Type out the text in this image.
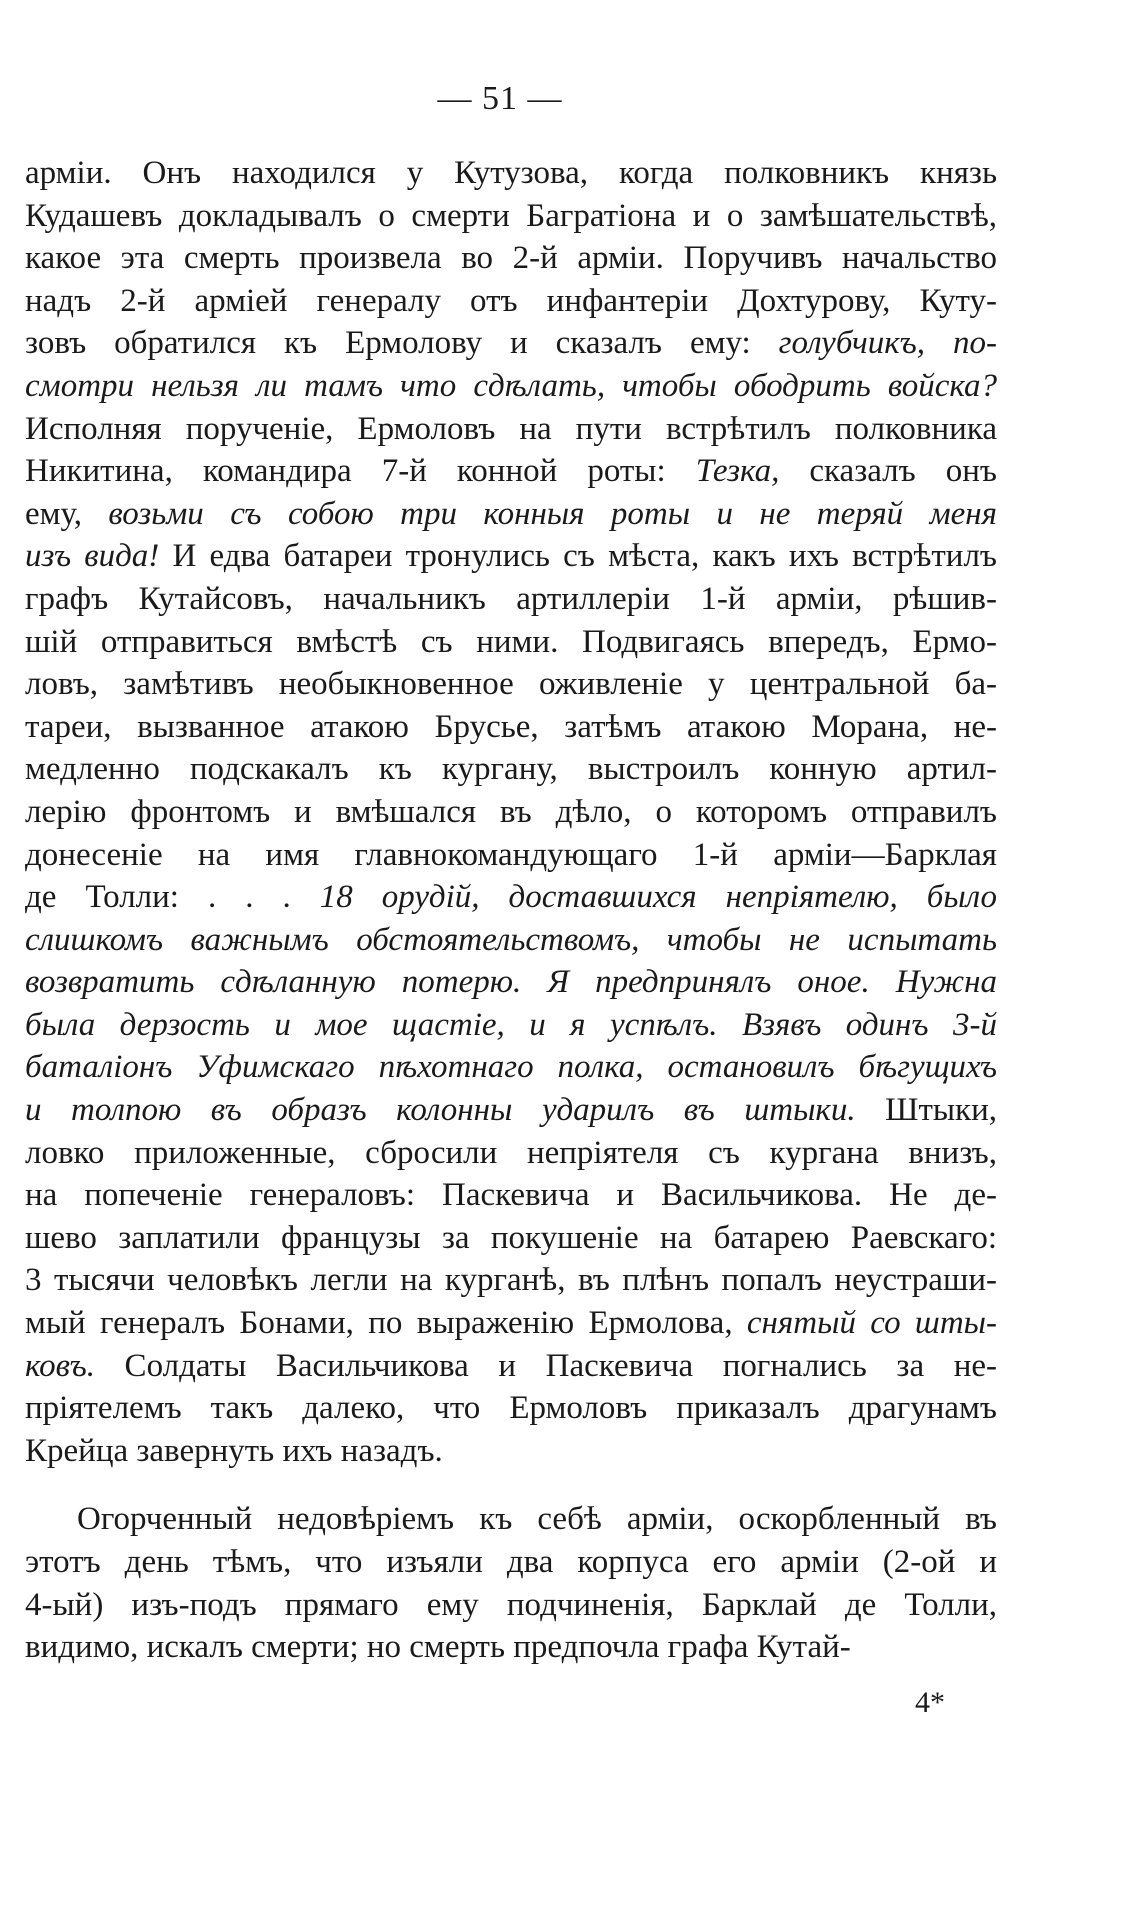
— 51 —
арміи. Онъ находился у Кутузова, когда полковникъ князь
Кудашевъ докладывалъ о смерти Багратіона и о замѣшательствѣ,
какое эта смерть произвела во 2-й арміи. Поручивъ начальство
надъ 2-й арміей генералу отъ инфантеріи Дохтурову, Куту-
зовъ обратился къ Ермолову и сказалъ ему: голубчикъ, по-
смотри нельзя ли тамъ что сдѣлать, чтобы ободрить войска?
Исполняя порученіе, Ермоловъ на пути встрѣтилъ полковника
Никитина, командира 7-й конной роты: Тезка, сказалъ онъ
ему, возьми съ собою три конныя роты и не теряй меня
изъ вида! И едва батареи тронулись съ мѣста, какъ ихъ встрѣтилъ
графъ Кутайсовъ, начальникъ артиллеріи 1-й арміи, рѣшив-
шій отправиться вмѣстѣ съ ними. Подвигаясь впередъ, Ермо-
ловъ, замѣтивъ необыкновенное оживленіе у центральной ба-
тареи, вызванное атакою Брусье, затѣмъ атакою Морана, не-
медленно подскакалъ къ кургану, выстроилъ конную артил-
лерію фронтомъ и вмѣшался въ дѣло, о которомъ отправилъ
донесеніе на имя главнокомандующаго 1-й арміи—Барклая
де Толли: . . . 18 орудій, доставшихся непріятелю, было
слишкомъ важнымъ обстоятельствомъ, чтобы не испытать
возвратить сдѣланную потерю. Я предпринялъ оное. Нужна
была дерзость и мое щастіе, и я успѣлъ. Взявъ одинъ 3-й
баталіонъ Уфимскаго пѣхотнаго полка, остановилъ бѣгущихъ
и толпою въ образъ колонны ударилъ въ штыки. Штыки,
ловко приложенные, сбросили непріятеля съ кургана внизъ,
на попеченіе генераловъ: Паскевича и Васильчикова. Не де-
шево заплатили французы за покушеніе на батарею Раевскаго:
3 тысячи человѣкъ легли на курганѣ, въ плѣнъ попалъ неустраши-
мый генералъ Бонами, по выраженію Ермолова, снятый со шты-
ковъ. Солдаты Васильчикова и Паскевича погнались за не-
пріятелемъ такъ далеко, что Ермоловъ приказалъ драгунамъ
Крейца завернуть ихъ назадъ.
Огорченный недовѣріемъ къ себѣ арміи, оскорбленный въ
этотъ день тѣмъ, что изъяли два корпуса его арміи (2-ой и
4-ый) изъ-подъ прямаго ему подчиненія, Барклай де Толли,
видимо, искалъ смерти; но смерть предпочла графа Кутай-
4*
